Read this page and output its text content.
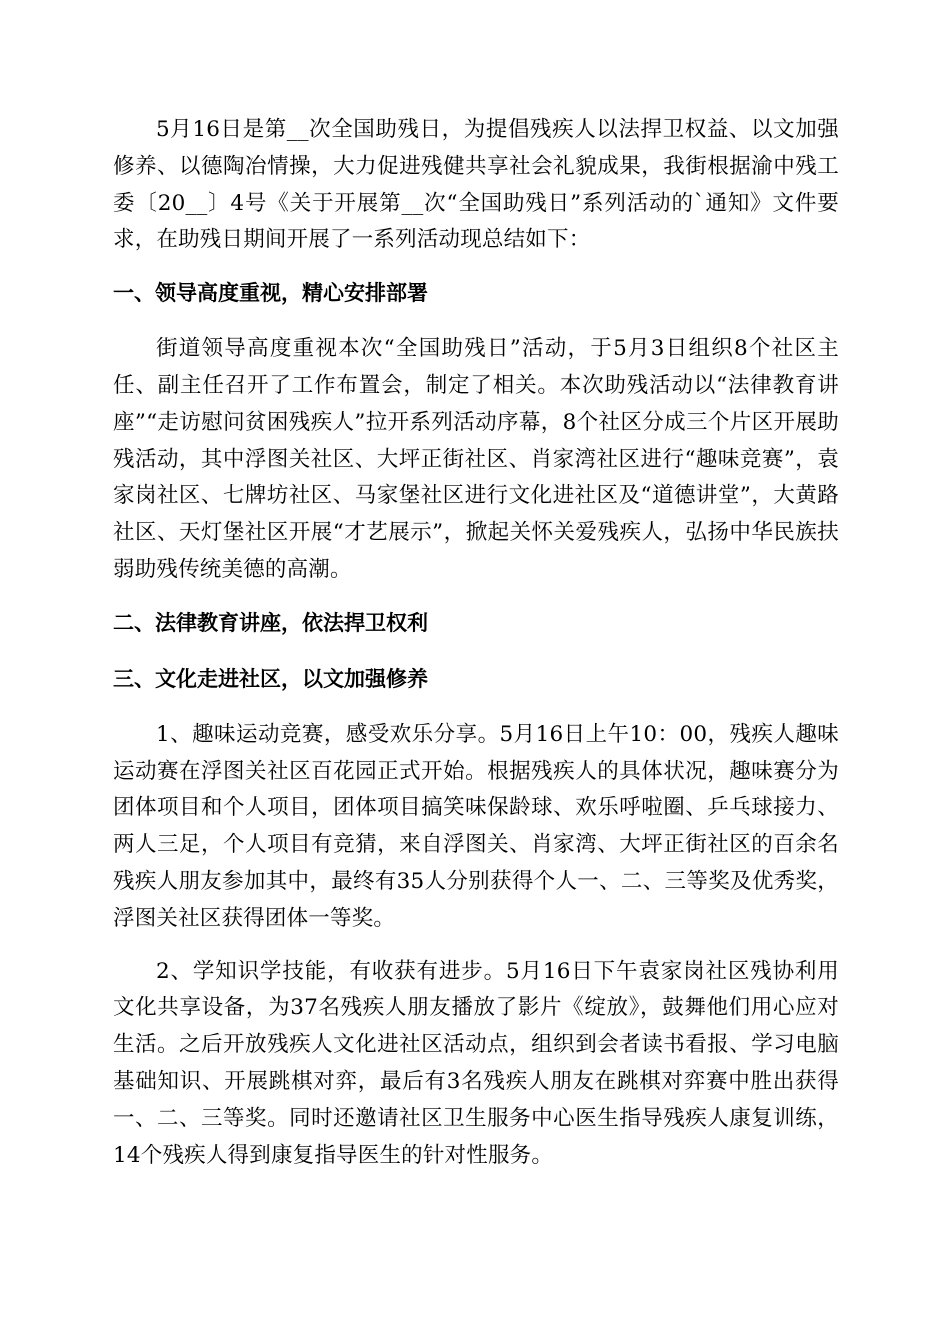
5月16日是第__次全国助残日，为提倡残疾人以法捍卫权益、以文加强修养、以德陶冶情操，大力促进残健共享社会礼貌成果，我街根据渝中残工委〔20__〕4号《关于开展第__次“全国助残日”系列活动的`通知》文件要求，在助残日期间开展了一系列活动现总结如下：

一、领导高度重视，精心安排部署

街道领导高度重视本次“全国助残日”活动，于5月3日组织8个社区主任、副主任召开了工作布置会，制定了相关。本次助残活动以“法律教育讲座”“走访慰问贫困残疾人”拉开系列活动序幕，8个社区分成三个片区开展助残活动，其中浮图关社区、大坪正街社区、肖家湾社区进行“趣味竞赛”，袁家岗社区、七牌坊社区、马家堡社区进行文化进社区及“道德讲堂”，大黄路社区、天灯堡社区开展“才艺展示”，掀起关怀关爱残疾人，弘扬中华民族扶弱助残传统美德的高潮。

二、法律教育讲座，依法捍卫权利
三、文化走进社区，以文加强修养

1、趣味运动竞赛，感受欢乐分享。5月16日上午10：00，残疾人趣味运动赛在浮图关社区百花园正式开始。根据残疾人的具体状况，趣味赛分为团体项目和个人项目，团体项目搞笑味保龄球、欢乐呼啦圈、乒乓球接力、两人三足，个人项目有竞猜，来自浮图关、肖家湾、大坪正街社区的百余名残疾人朋友参加其中，最终有35人分别获得个人一、二、三等奖及优秀奖，浮图关社区获得团体一等奖。

2、学知识学技能，有收获有进步。5月16日下午袁家岗社区残协利用文化共享设备，为37名残疾人朋友播放了影片《绽放》，鼓舞他们用心应对生活。之后开放残疾人文化进社区活动点，组织到会者读书看报、学习电脑基础知识、开展跳棋对弈，最后有3名残疾人朋友在跳棋对弈赛中胜出获得一、二、三等奖。同时还邀请社区卫生服务中心医生指导残疾人康复训练，14个残疾人得到康复指导医生的针对性服务。
